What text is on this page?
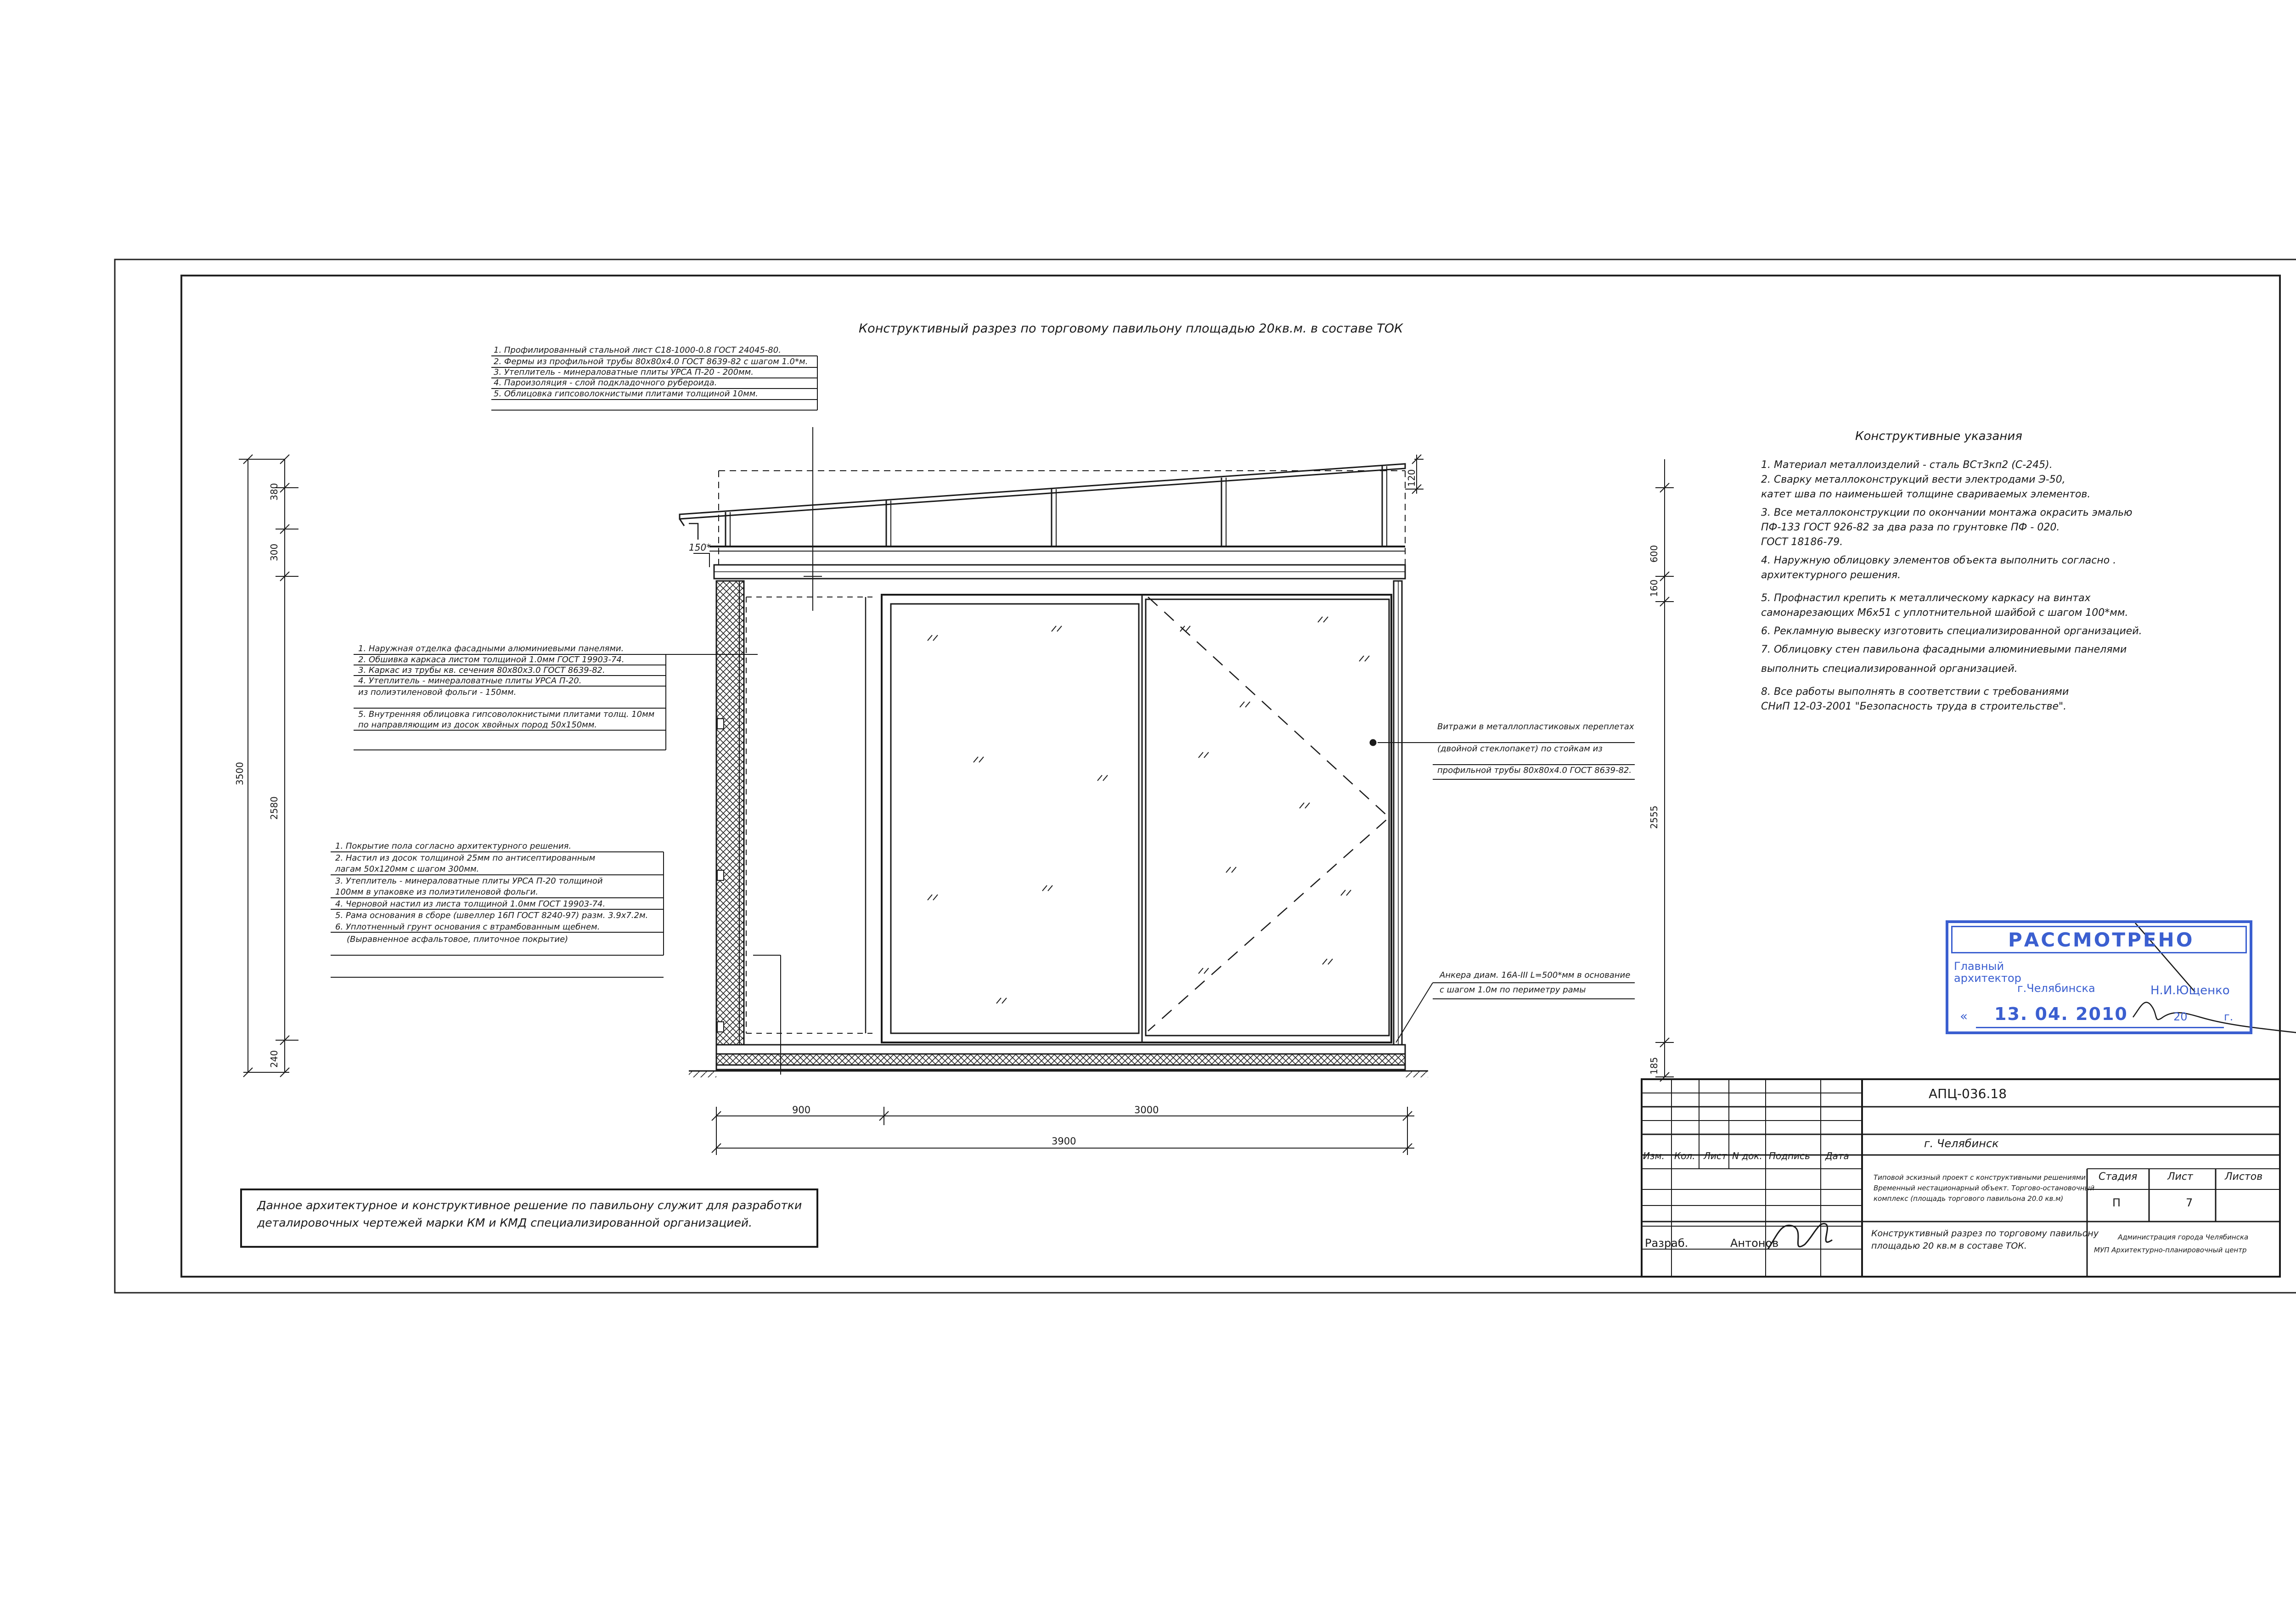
Конструктивный разрез по торговому павильону площадью 20кв.м. в составе ТОК
1. Профилированный стальной лист С18-1000-0.8 ГОСТ 24045-80.
2. Фермы из профильной трубы 80х80х4.0 ГОСТ 8639-82 с шагом 1.0*м.
3. Утеплитель - минераловатные плиты УРСА П-20 - 200мм.
4. Пароизоляция - слой подкладочного рубероида.
5. Облицовка гипсоволокнистыми плитами толщиной 10мм.
1. Наружная отделка фасадными алюминиевыми панелями.
2. Обшивка каркаса листом толщиной 1.0мм ГОСТ 19903-74.
3. Каркас из трубы кв. сечения 80х80х3.0 ГОСТ 8639-82.
4. Утеплитель - минераловатные плиты УРСА П-20.
из полиэтиленовой фольги - 150мм.
5. Внутренняя облицовка гипсоволокнистыми плитами толщ. 10мм
по направляющим из досок хвойных пород 50х150мм.
1. Покрытие пола согласно архитектурного решения.
2. Настил из досок толщиной 25мм по антисептированным
лагам 50х120мм с шагом 300мм.
3. Утеплитель - минераловатные плиты УРСА П-20 толщиной
100мм в упаковке из полиэтиленовой фольги.
4. Черновой настил из листа толщиной 1.0мм ГОСТ 19903-74.
5. Рама основания в сборе (швеллер 16П ГОСТ 8240-97) разм. 3.9х7.2м.
6. Уплотненный грунт основания с втрамбованным щебнем.
(Выравненное асфальтовое, плиточное покрытие)
Витражи в металлопластиковых переплетах
(двойной стеклопакет) по стойкам из
профильной трубы 80х80х4.0 ГОСТ 8639-82.
Анкера диам. 16А-III L=500*мм в основание
с шагом 1.0м по периметру рамы
150*
380
300
2580
240
3500
120
600
160
2555
185
900	3000
3900
Данное архитектурное и конструктивное решение по павильону служит для разработки
деталировочных чертежей марки КМ и КМД специализированной организацией.
Конструктивные указания
1. Материал металлоизделий - сталь ВСт3кп2 (С-245).
2. Сварку металлоконструкций вести электродами Э-50,
катет шва по наименьшей толщине свариваемых элементов.
3. Все металлоконструкции по окончании монтажа окрасить эмалью
ПФ-133 ГОСТ 926-82 за два раза по грунтовке ПФ - 020.
ГОСТ 18186-79.
4. Наружную облицовку элементов объекта выполнить согласно .
архитектурного решения.
5. Профнастил крепить к металлическому каркасу на винтах
самонарезающих М6х51 с уплотнительной шайбой с шагом 100*мм.
6. Рекламную вывеску изготовить специализированной организацией.
7. Облицовку стен павильона фасадными алюминиевыми панелями
выполнить специализированной организацией.
8. Все работы выполнять в соответствии с требованиями
СНиП 12-03-2001 "Безопасность труда в строительстве".
РАССМОТРЕНО
Главный
архитектор
г.Челябинска	Н.И.Ющенко
« 13. 04. 2010	20	г.
АПЦ-036.18
г. Челябинск
Изм. Кол. Лист N док. Подпись Дата
Типовой эскизный проект с конструктивными решениями
Временный нестационарный объект. Торгово-остановочный
комплекс (площадь торгового павильона 20.0 кв.м)
Стадия	Лист	Листов
П	7
Конструктивный разрез по торговому павильону
площадью 20 кв.м в составе ТОК.
Администрация города Челябинска
МУП Архитектурно-планировочный центр
Разраб.	Антонов
